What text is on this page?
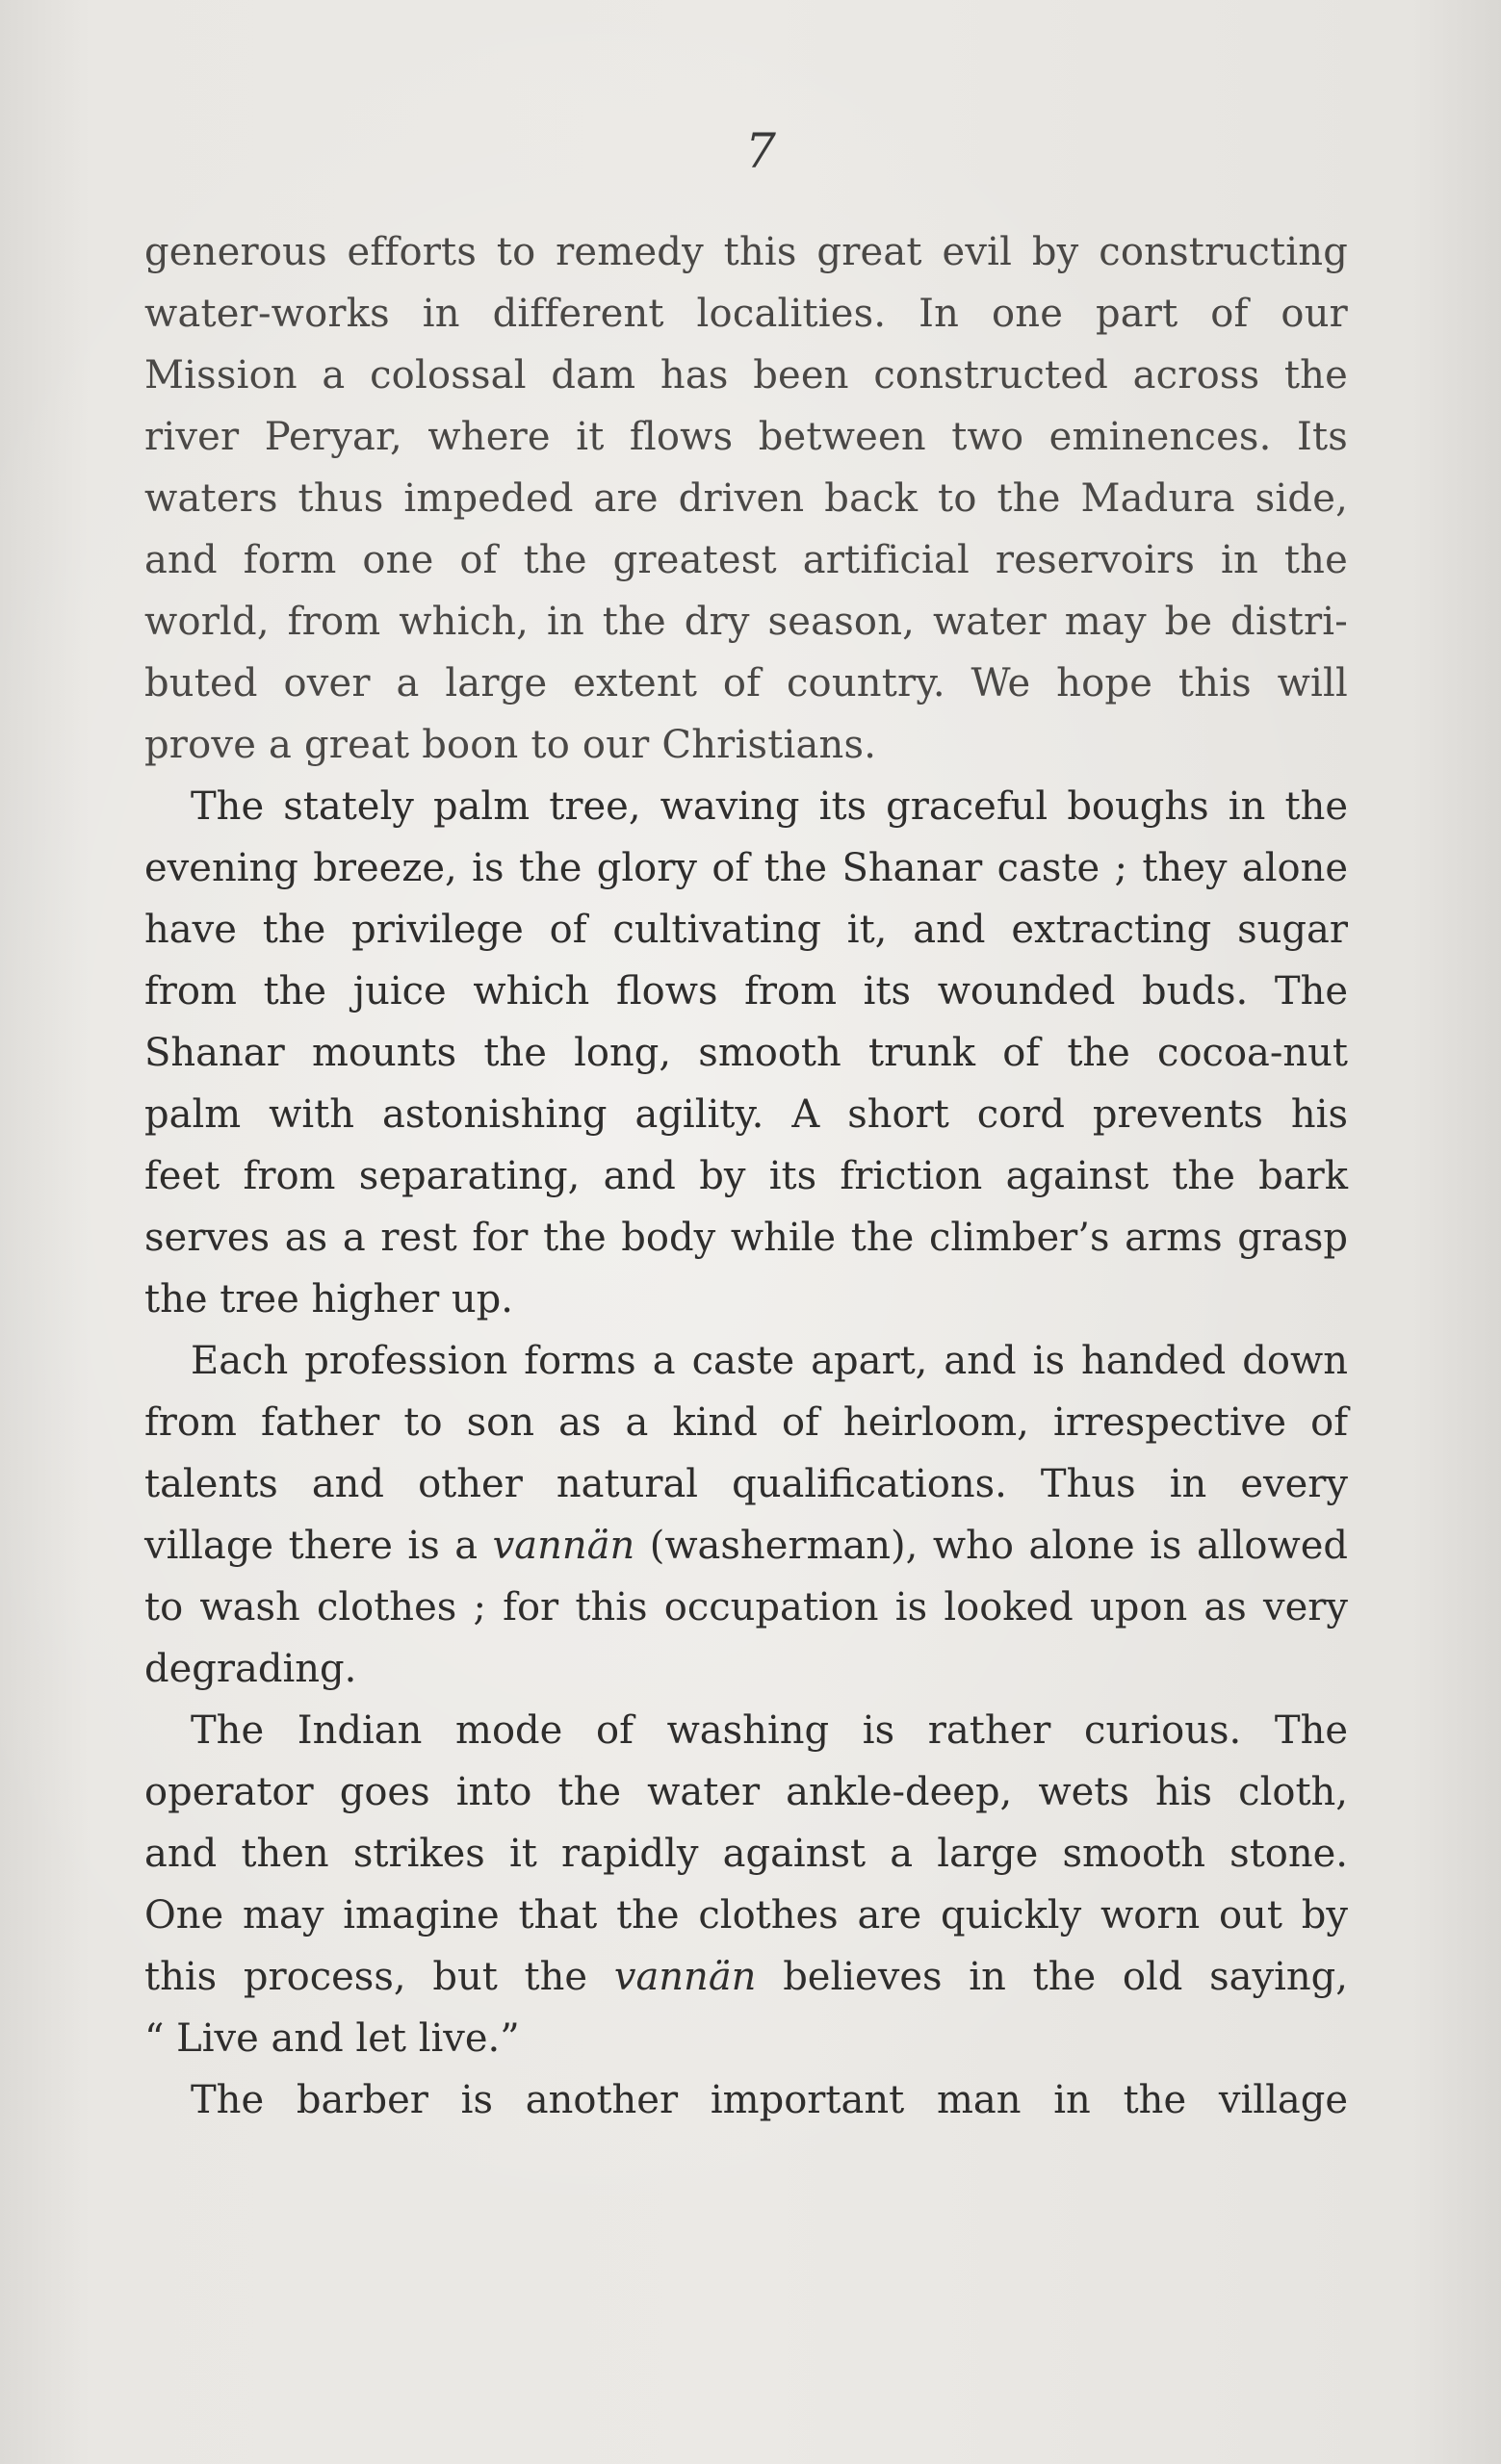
7
generous efforts to remedy this great evil by constructing
water-works in different localities. In one part of our
Mission a colossal dam has been constructed across the
river Peryar, where it flows between two eminences. Its
waters thus impeded are driven back to the Madura side,
and form one of the greatest artificial reservoirs in the
world, from which, in the dry season, water may be distri-
buted over a large extent of country. We hope this will
prove a great boon to our Christians.
The stately palm tree, waving its graceful boughs in the
evening breeze, is the glory of the Shanar caste ; they alone
have the privilege of cultivating it, and extracting sugar
from the juice which flows from its wounded buds. The
Shanar mounts the long, smooth trunk of the cocoa-nut
palm with astonishing agility. A short cord prevents his
feet from separating, and by its friction against the bark
serves as a rest for the body while the climber’s arms grasp
the tree higher up.
Each profession forms a caste apart, and is handed down
from father to son as a kind of heirloom, irrespective of
talents and other natural qualifications. Thus in every
village there is a vannän (washerman), who alone is allowed
to wash clothes ; for this occupation is looked upon as very
degrading.
The Indian mode of washing is rather curious. The
operator goes into the water ankle-deep, wets his cloth,
and then strikes it rapidly against a large smooth stone.
One may imagine that the clothes are quickly worn out by
this process, but the vannän believes in the old saying,
“ Live and let live.”
The barber is another important man in the village
